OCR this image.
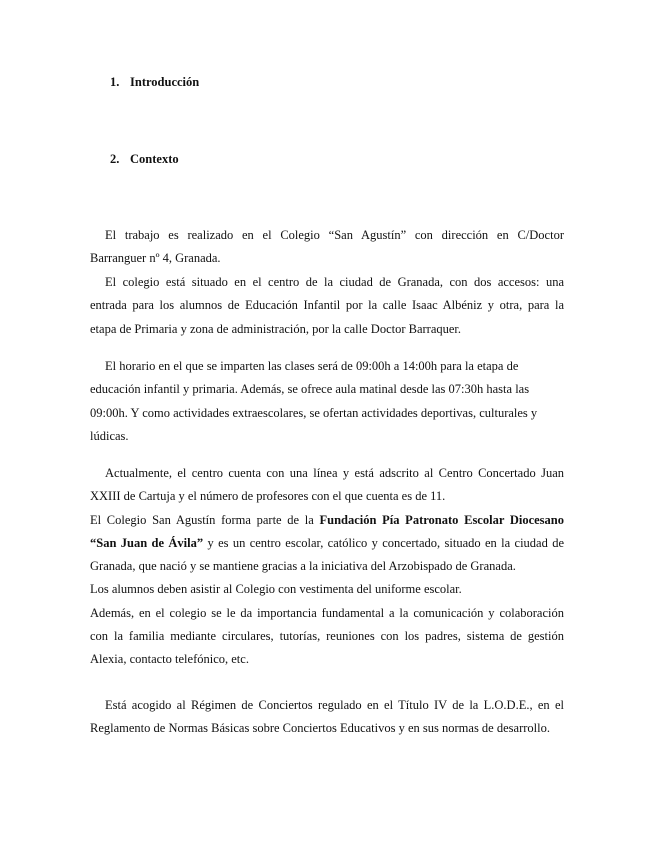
1. Introducción
2. Contexto
El trabajo es realizado en el Colegio “San Agustín” con dirección en C/Doctor
Barranguer nº 4, Granada.
El colegio está situado en el centro de la ciudad de Granada, con dos accesos: una
entrada para los alumnos de Educación Infantil por la calle Isaac Albéniz y otra, para la
etapa de Primaria y zona de administración, por la calle Doctor Barraquer.
El horario en el que se imparten las clases será de 09:00h a 14:00h para la etapa de
educación infantil y primaria. Además, se ofrece aula matinal desde las 07:30h hasta las
09:00h. Y como actividades extraescolares, se ofertan actividades deportivas, culturales y
lúdicas.
Actualmente, el centro cuenta con una línea y está adscrito al Centro Concertado Juan
XXIII de Cartuja y el número de profesores con el que cuenta es de 11.
El Colegio San Agustín forma parte de la Fundación Pía Patronato Escolar Diocesano
“San Juan de Ávila” y es un centro escolar, católico y concertado, situado en la ciudad de
Granada, que nació y se mantiene gracias a la iniciativa del Arzobispado de Granada.
Los alumnos deben asistir al Colegio con vestimenta del uniforme escolar.
Además, en el colegio se le da importancia fundamental a la comunicación y colaboración
con la familia mediante circulares, tutorías, reuniones con los padres, sistema de gestión
Alexia, contacto telefónico, etc.
Está acogido al Régimen de Conciertos regulado en el Título IV de la L.O.D.E., en el
Reglamento de Normas Básicas sobre Conciertos Educativos y en sus normas de desarrollo.
